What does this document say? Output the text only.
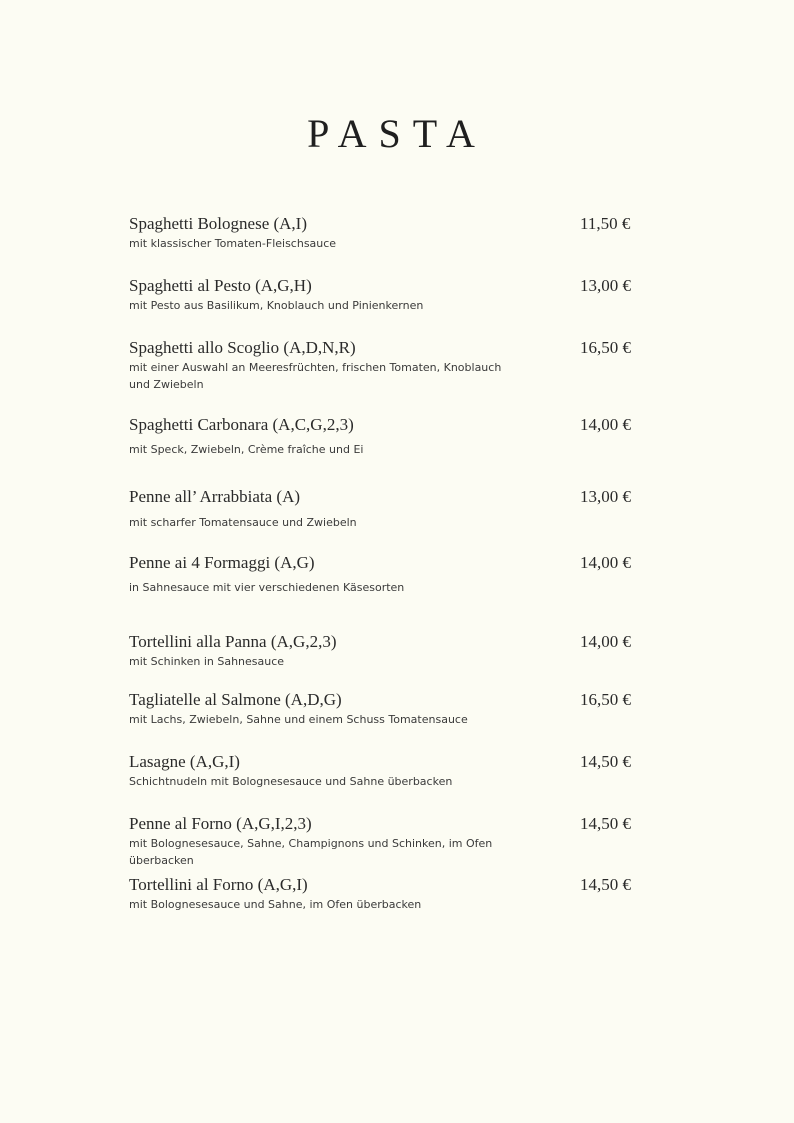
PASTA
Spaghetti Bolognese (A,I)	11,50 €
mit klassischer Tomaten-Fleischsauce
Spaghetti al Pesto (A,G,H)	13,00 €
mit Pesto aus Basilikum, Knoblauch und Pinienkernen
Spaghetti allo Scoglio (A,D,N,R)	16,50 €
mit einer Auswahl an Meeresfrüchten, frischen Tomaten, Knoblauch und Zwiebeln
Spaghetti Carbonara (A,C,G,2,3)	14,00 €
mit Speck, Zwiebeln, Crème fraîche und Ei
Penne all’ Arrabbiata (A)	13,00 €
mit scharfer Tomatensauce und Zwiebeln
Penne ai 4 Formaggi (A,G)	14,00 €
in Sahnesauce mit vier verschiedenen Käsesorten
Tortellini alla Panna (A,G,2,3)	14,00 €
mit Schinken in Sahnesauce
Tagliatelle al Salmone (A,D,G)	16,50 €
mit Lachs, Zwiebeln, Sahne und einem Schuss Tomatensauce
Lasagne (A,G,I)	14,50 €
Schichtnudeln mit Bolognesesauce und Sahne überbacken
Penne al Forno (A,G,I,2,3)	14,50 €
mit Bolognesesauce, Sahne, Champignons und Schinken, im Ofen überbacken
Tortellini al Forno (A,G,I)	14,50 €
mit Bolognesesauce und Sahne, im Ofen überbacken
